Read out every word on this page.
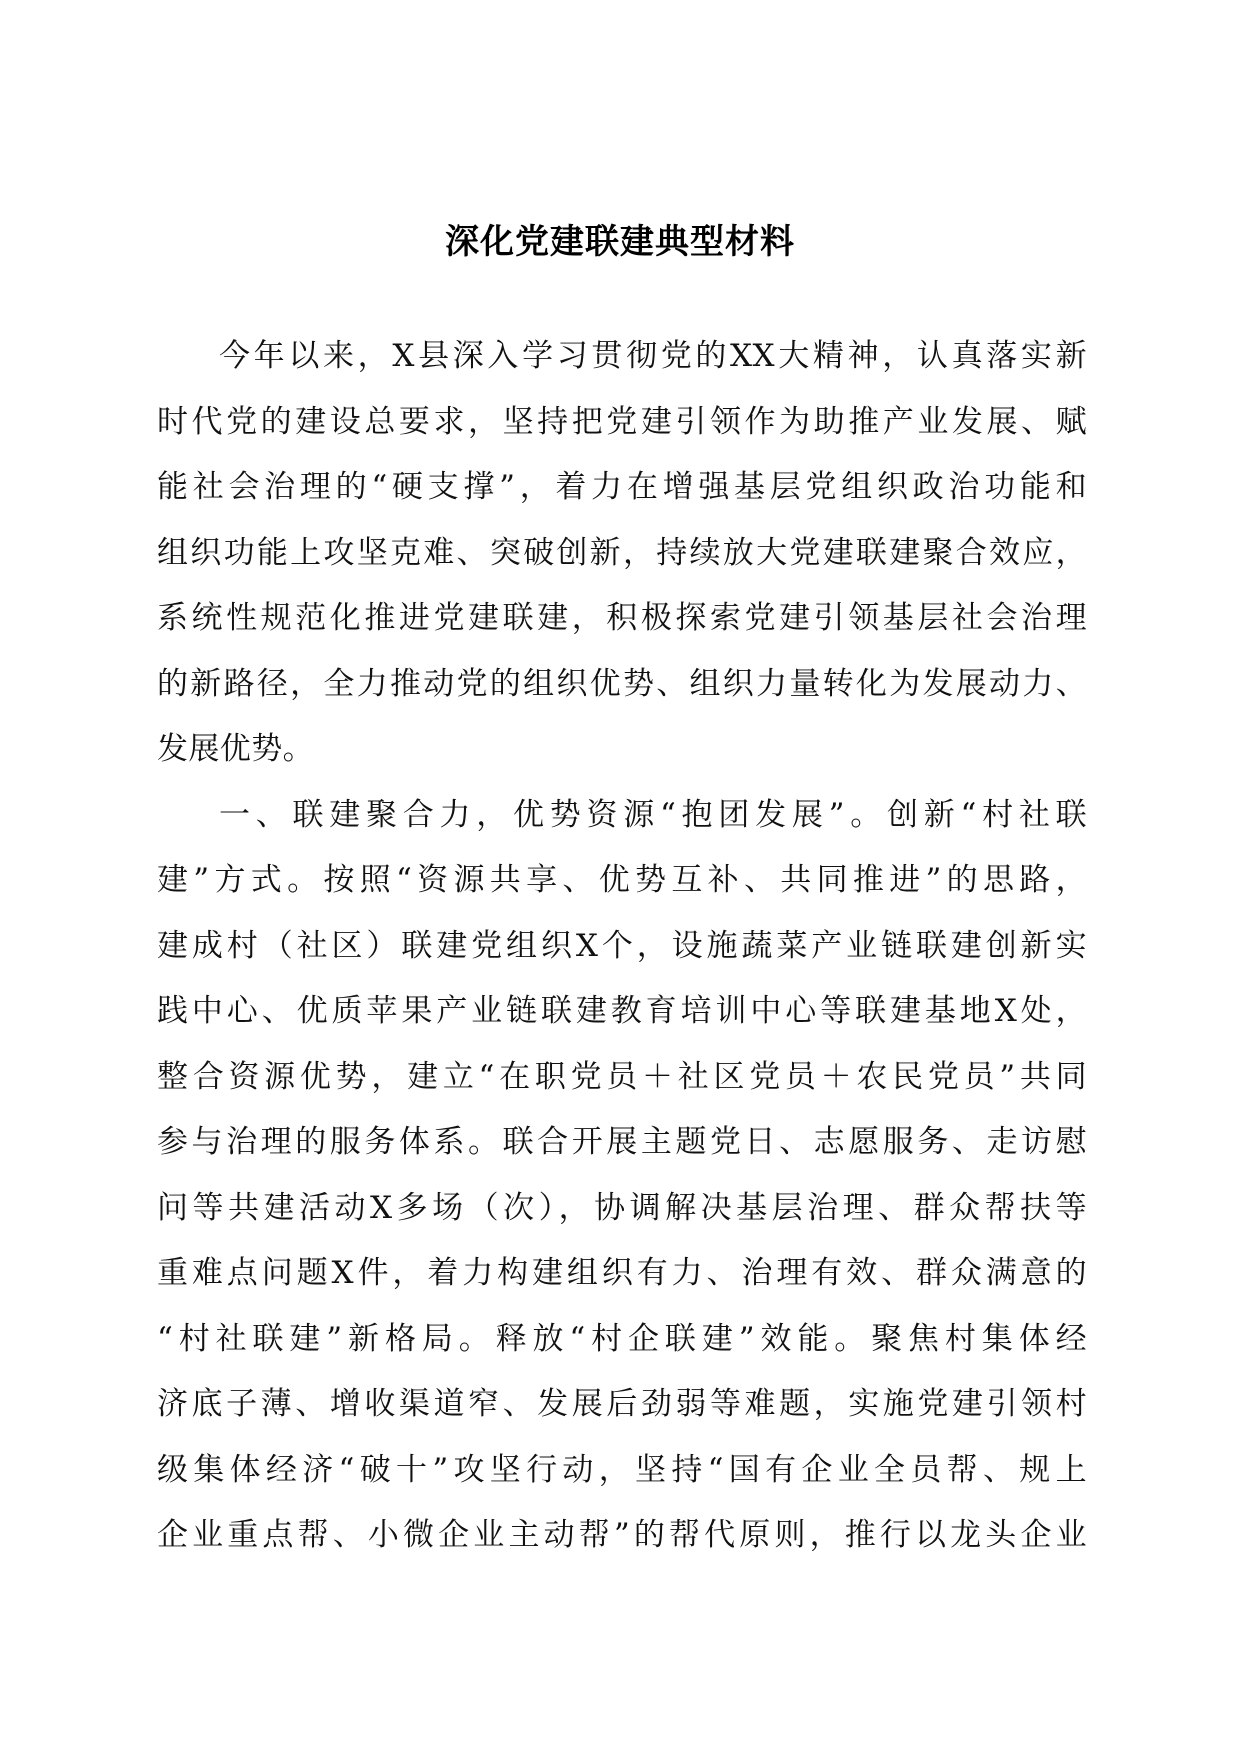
深化党建联建典型材料
今年以来，X县深入学习贯彻党的XX大精神，认真落实新
时代党的建设总要求，坚持把党建引领作为助推产业发展、赋
能社会治理的“硬支撑”，着力在增强基层党组织政治功能和
组织功能上攻坚克难、突破创新，持续放大党建联建聚合效应，
系统性规范化推进党建联建，积极探索党建引领基层社会治理
的新路径，全力推动党的组织优势、组织力量转化为发展动力、
发展优势。
一、联建聚合力，优势资源“抱团发展”。创新“村社联
建”方式。按照“资源共享、优势互补、共同推进”的思路，
建成村（社区）联建党组织X个，设施蔬菜产业链联建创新实
践中心、优质苹果产业链联建教育培训中心等联建基地X处，
整合资源优势，建立“在职党员＋社区党员＋农民党员”共同
参与治理的服务体系。联合开展主题党日、志愿服务、走访慰
问等共建活动X多场（次），协调解决基层治理、群众帮扶等
重难点问题X件，着力构建组织有力、治理有效、群众满意的
“村社联建”新格局。释放“村企联建”效能。聚焦村集体经
济底子薄、增收渠道窄、发展后劲弱等难题，实施党建引领村
级集体经济“破十”攻坚行动，坚持“国有企业全员帮、规上
企业重点帮、小微企业主动帮”的帮代原则，推行以龙头企业
